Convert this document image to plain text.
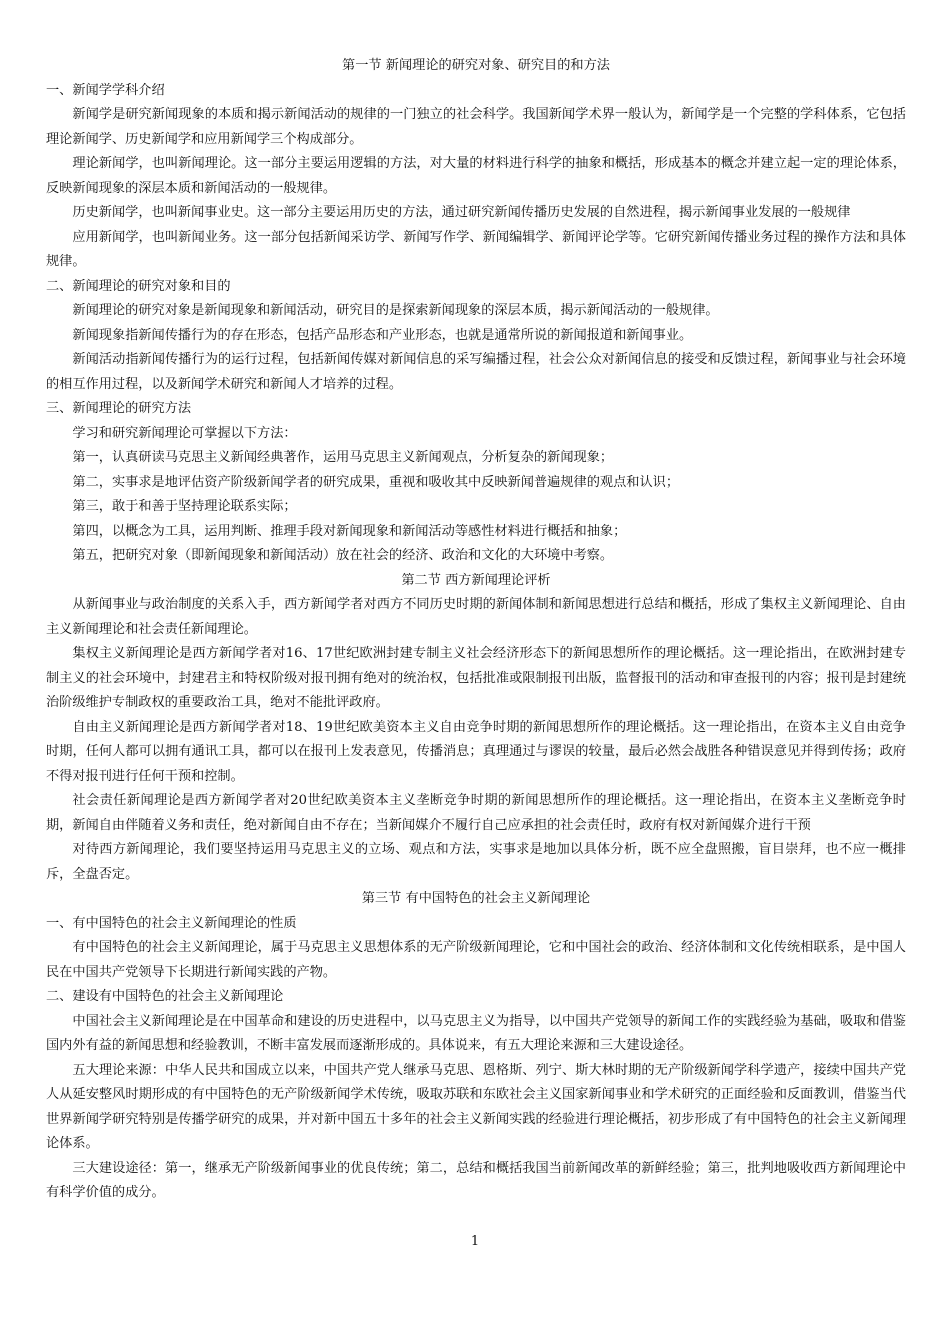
第一节 新闻理论的研究对象、研究目的和方法

一、新闻学学科介绍

新闻学是研究新闻现象的本质和揭示新闻活动的规律的一门独立的社会科学。我国新闻学术界一般认为，新闻学是一个完整的学科体系，它包括理论新闻学、历史新闻学和应用新闻学三个构成部分。

理论新闻学，也叫新闻理论。这一部分主要运用逻辑的方法，对大量的材料进行科学的抽象和概括，形成基本的概念并建立起一定的理论体系，反映新闻现象的深层本质和新闻活动的一般规律。

历史新闻学，也叫新闻事业史。这一部分主要运用历史的方法，通过研究新闻传播历史发展的自然进程，揭示新闻事业发展的一般规律

应用新闻学，也叫新闻业务。这一部分包括新闻采访学、新闻写作学、新闻编辑学、新闻评论学等。它研究新闻传播业务过程的操作方法和具体规律。

二、新闻理论的研究对象和目的

新闻理论的研究对象是新闻现象和新闻活动，研究目的是探索新闻现象的深层本质，揭示新闻活动的一般规律。

新闻现象指新闻传播行为的存在形态，包括产品形态和产业形态，也就是通常所说的新闻报道和新闻事业。

新闻活动指新闻传播行为的运行过程，包括新闻传媒对新闻信息的采写编播过程，社会公众对新闻信息的接受和反馈过程，新闻事业与社会环境的相互作用过程，以及新闻学术研究和新闻人才培养的过程。

三、新闻理论的研究方法

学习和研究新闻理论可掌握以下方法：

第一，认真研读马克思主义新闻经典著作，运用马克思主义新闻观点，分析复杂的新闻现象；

第二，实事求是地评估资产阶级新闻学者的研究成果，重视和吸收其中反映新闻普遍规律的观点和认识；

第三，敢于和善于坚持理论联系实际；

第四，以概念为工具，运用判断、推理手段对新闻现象和新闻活动等感性材料进行概括和抽象；

第五，把研究对象（即新闻现象和新闻活动）放在社会的经济、政治和文化的大环境中考察。

第二节 西方新闻理论评析

从新闻事业与政治制度的关系入手，西方新闻学者对西方不同历史时期的新闻体制和新闻思想进行总结和概括，形成了集权主义新闻理论、自由主义新闻理论和社会责任新闻理论。

集权主义新闻理论是西方新闻学者对16、17世纪欧洲封建专制主义社会经济形态下的新闻思想所作的理论概括。这一理论指出，在欧洲封建专制主义的社会环境中，封建君主和特权阶级对报刊拥有绝对的统治权，包括批准或限制报刊出版，监督报刊的活动和审查报刊的内容；报刊是封建统治阶级维护专制政权的重要政治工具，绝对不能批评政府。

自由主义新闻理论是西方新闻学者对18、19世纪欧美资本主义自由竞争时期的新闻思想所作的理论概括。这一理论指出，在资本主义自由竞争时期，任何人都可以拥有通讯工具，都可以在报刊上发表意见，传播消息；真理通过与谬误的较量，最后必然会战胜各种错误意见并得到传扬；政府不得对报刊进行任何干预和控制。

社会责任新闻理论是西方新闻学者对20世纪欧美资本主义垄断竞争时期的新闻思想所作的理论概括。这一理论指出，在资本主义垄断竞争时期，新闻自由伴随着义务和责任，绝对新闻自由不存在；当新闻媒介不履行自己应承担的社会责任时，政府有权对新闻媒介进行干预

对待西方新闻理论，我们要坚持运用马克思主义的立场、观点和方法，实事求是地加以具体分析，既不应全盘照搬，盲目崇拜，也不应一概排斥，全盘否定。

第三节 有中国特色的社会主义新闻理论

一、有中国特色的社会主义新闻理论的性质

有中国特色的社会主义新闻理论，属于马克思主义思想体系的无产阶级新闻理论，它和中国社会的政治、经济体制和文化传统相联系，是中国人民在中国共产党领导下长期进行新闻实践的产物。

二、建设有中国特色的社会主义新闻理论

中国社会主义新闻理论是在中国革命和建设的历史进程中，以马克思主义为指导，以中国共产党领导的新闻工作的实践经验为基础，吸取和借鉴国内外有益的新闻思想和经验教训，不断丰富发展而逐渐形成的。具体说来，有五大理论来源和三大建设途径。

五大理论来源：中华人民共和国成立以来，中国共产党人继承马克思、恩格斯、列宁、斯大林时期的无产阶级新闻学科学遗产，接续中国共产党人从延安整风时期形成的有中国特色的无产阶级新闻学术传统，吸取苏联和东欧社会主义国家新闻事业和学术研究的正面经验和反面教训，借鉴当代世界新闻学研究特别是传播学研究的成果，并对新中国五十多年的社会主义新闻实践的经验进行理论概括，初步形成了有中国特色的社会主义新闻理论体系。

三大建设途径：第一，继承无产阶级新闻事业的优良传统；第二，总结和概括我国当前新闻改革的新鲜经验；第三，批判地吸收西方新闻理论中有科学价值的成分。

1
